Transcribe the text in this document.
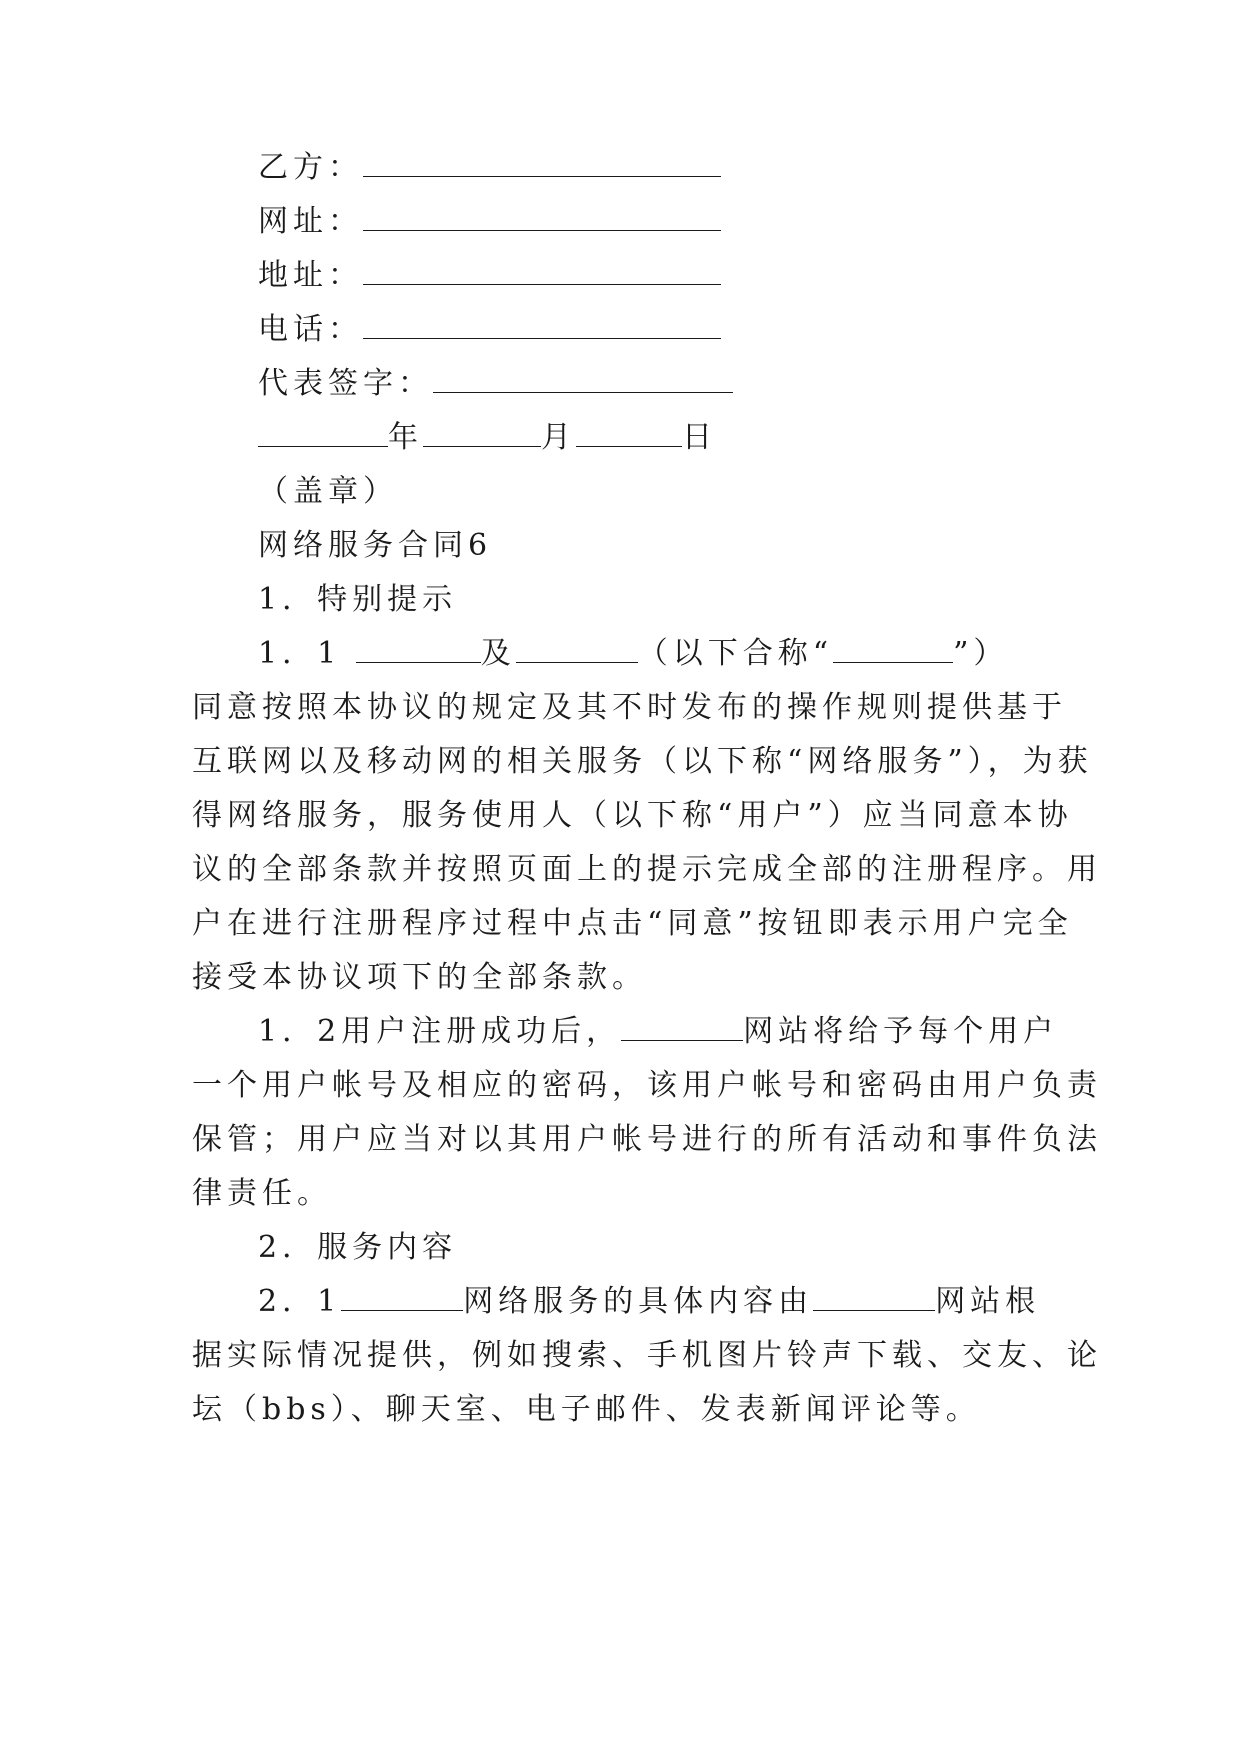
乙方：
网址：
地址：
电话：
代表签字：
年	月	日
（盖章）
网络服务合同6
1．特别提示
1．1	及	（以下合称“	”）
同意按照本协议的规定及其不时发布的操作规则提供基于
互联网以及移动网的相关服务（以下称“网络服务”），为获
得网络服务，服务使用人（以下称“用户”）应当同意本协
议的全部条款并按照页面上的提示完成全部的注册程序。用
户在进行注册程序过程中点击“同意”按钮即表示用户完全
接受本协议项下的全部条款。
1．2用户注册成功后，	网站将给予每个用户
一个用户帐号及相应的密码，该用户帐号和密码由用户负责
保管；用户应当对以其用户帐号进行的所有活动和事件负法
律责任。
2．服务内容
2．1	网络服务的具体内容由	网站根
据实际情况提供，例如搜索、手机图片铃声下载、交友、论
坛（bbs）、聊天室、电子邮件、发表新闻评论等。
